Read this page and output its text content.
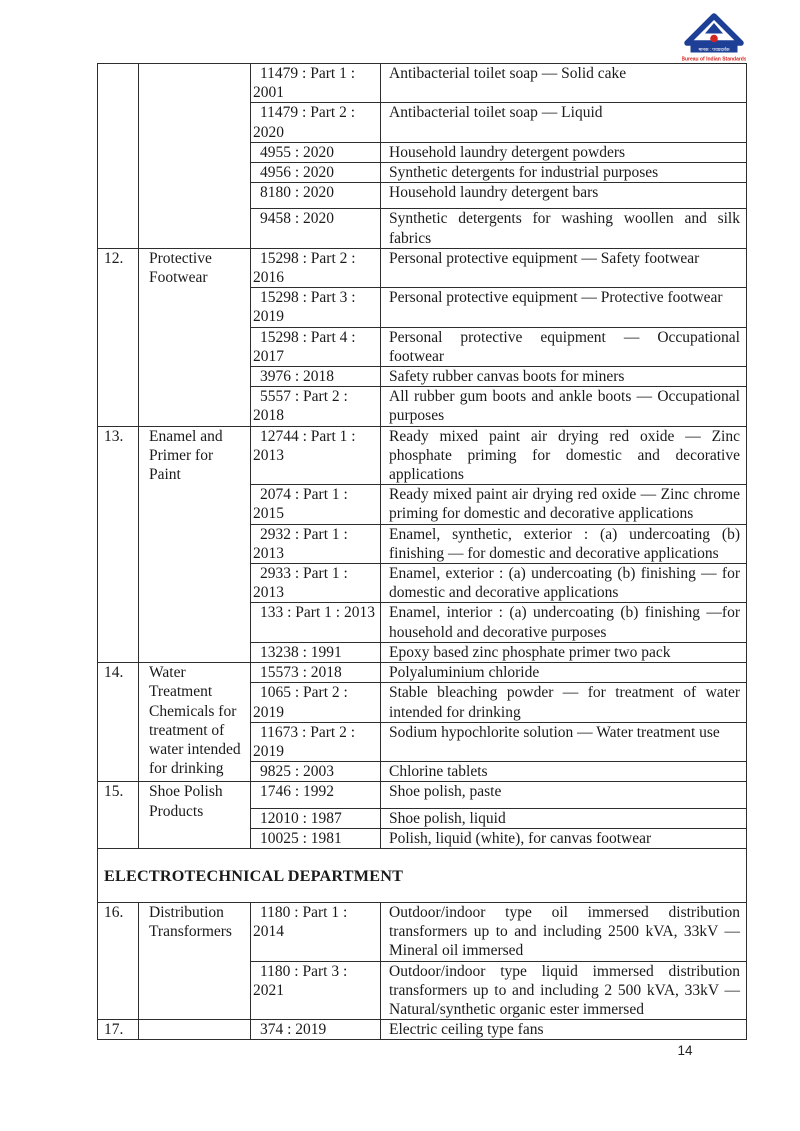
मानक : पथप्रदर्शक
Bureau of Indian Standards
		11479 : Part 1 : 2001	Antibacterial toilet soap — Solid cake
		11479 : Part 2 : 2020	Antibacterial toilet soap — Liquid
		4955 : 2020	Household laundry detergent powders
		4956 : 2020	Synthetic detergents for industrial purposes
		8180 : 2020	Household laundry detergent bars
		9458 : 2020	Synthetic detergents for washing woollen and silk fabrics
12.	Protective Footwear	15298 : Part 2 : 2016	Personal protective equipment — Safety footwear
		15298 : Part 3 : 2019	Personal protective equipment — Protective footwear
		15298 : Part 4 : 2017	Personal protective equipment — Occupational footwear
		3976 : 2018	Safety rubber canvas boots for miners
		5557 : Part 2 : 2018	All rubber gum boots and ankle boots — Occupational purposes
13.	Enamel and Primer for Paint	12744 : Part 1 : 2013	Ready mixed paint air drying red oxide — Zinc phosphate priming for domestic and decorative applications
		2074 : Part 1 : 2015	Ready mixed paint air drying red oxide — Zinc chrome priming for domestic and decorative applications
		2932 : Part 1 : 2013	Enamel, synthetic, exterior : (a) undercoating (b) finishing — for domestic and decorative applications
		2933 : Part 1 : 2013	Enamel, exterior : (a) undercoating (b) finishing — for domestic and decorative applications
		133 : Part 1 : 2013	Enamel, interior : (a) undercoating (b) finishing —for household and decorative purposes
		13238 : 1991	Epoxy based zinc phosphate primer two pack
14.	Water Treatment Chemicals for treatment of water intended for drinking	15573 : 2018	Polyaluminium chloride
		1065 : Part 2 : 2019	Stable bleaching powder — for treatment of water intended for drinking
		11673 : Part 2 : 2019	Sodium hypochlorite solution — Water treatment use
		9825 : 2003	Chlorine tablets
15.	Shoe Polish Products	1746 : 1992	Shoe polish, paste
		12010 : 1987	Shoe polish, liquid
		10025 : 1981	Polish, liquid (white), for canvas footwear
ELECTROTECHNICAL DEPARTMENT			
16.	Distribution Transformers	1180 : Part 1 : 2014	Outdoor/indoor type oil immersed distribution transformers up to and including 2500 kVA, 33kV — Mineral oil immersed
		1180 : Part 3 : 2021	Outdoor/indoor type liquid immersed distribution transformers up to and including 2 500 kVA, 33kV — Natural/synthetic organic ester immersed
17.		374 : 2019	Electric ceiling type fans
14
